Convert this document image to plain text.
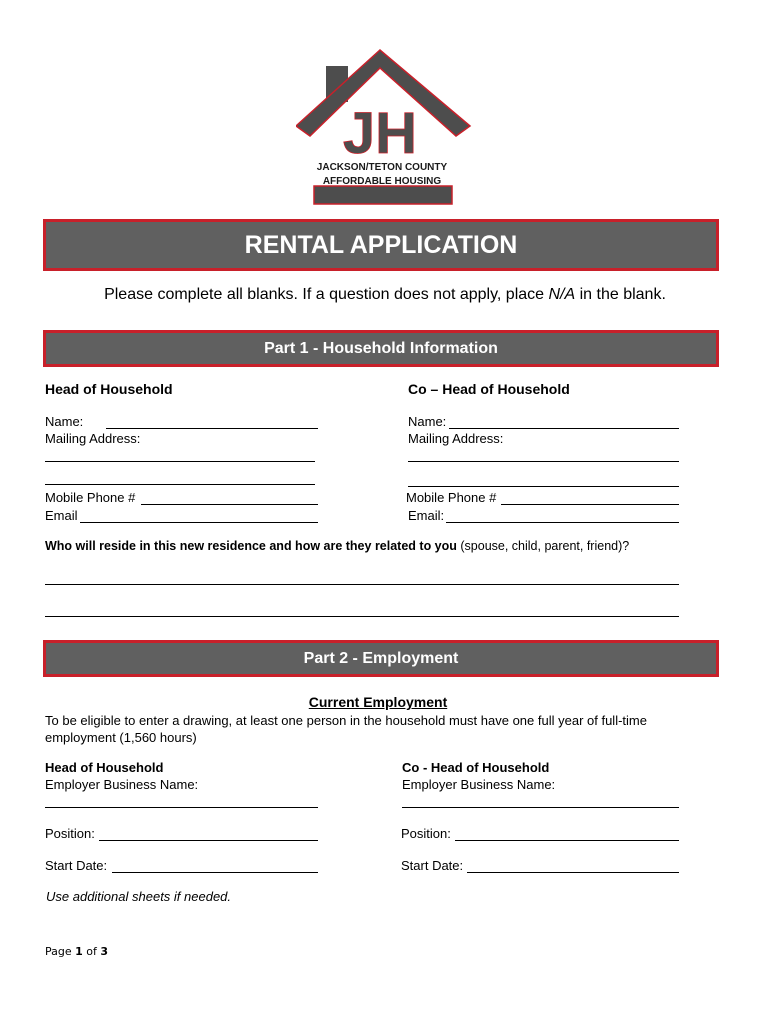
JH
JACKSON/TETON COUNTY
AFFORDABLE HOUSING
RENTAL APPLICATION
Please complete all blanks. If a question does not apply, place N/A in the blank.
Part 1 - Household Information
Head of Household	Co – Head of Household
Name:
Mailing Address:
Mobile Phone #
Email
Name:
Mailing Address:
Mobile Phone #
Email:
Who will reside in this new residence and how are they related to you (spouse, child, parent, friend)?
Part 2 - Employment
Current Employment
To be eligible to enter a drawing, at least one person in the household must have one full year of full-time employment (1,560 hours)
Head of Household
Employer Business Name:
Position:
Start Date:
Co - Head of Household
Employer Business Name:
Position:
Start Date:
Use additional sheets if needed.
Page 1 of 3
